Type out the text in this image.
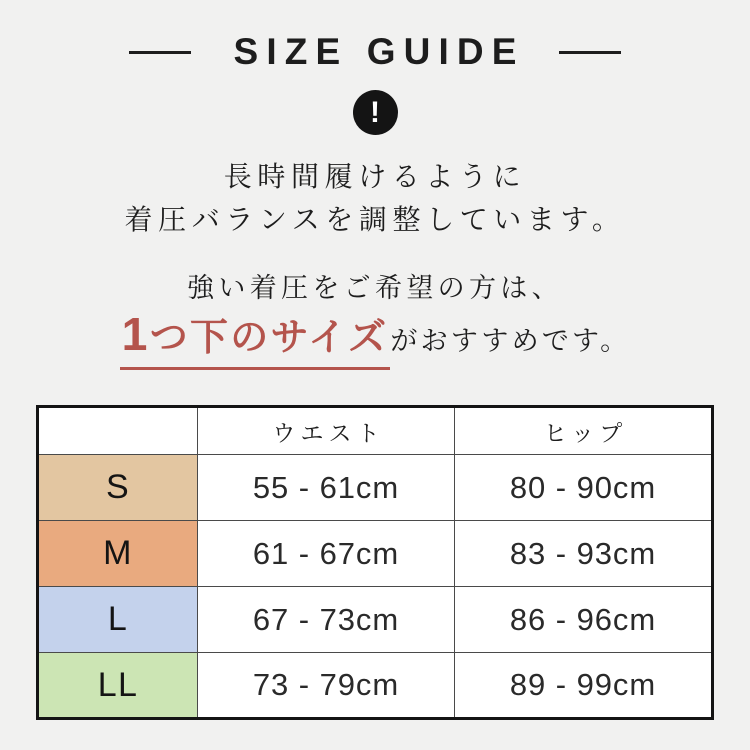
SIZE GUIDE
!

長時間履けるように

着圧バランスを調整しています。

強い着圧をご希望の方は、

1つ下のサイズがおすすめです。

	ウエスト	ヒップ
S	55 - 61cm	80 - 90cm
M	61 - 67cm	83 - 93cm
L	67 - 73cm	86 - 96cm
LL	73 - 79cm	89 - 99cm
